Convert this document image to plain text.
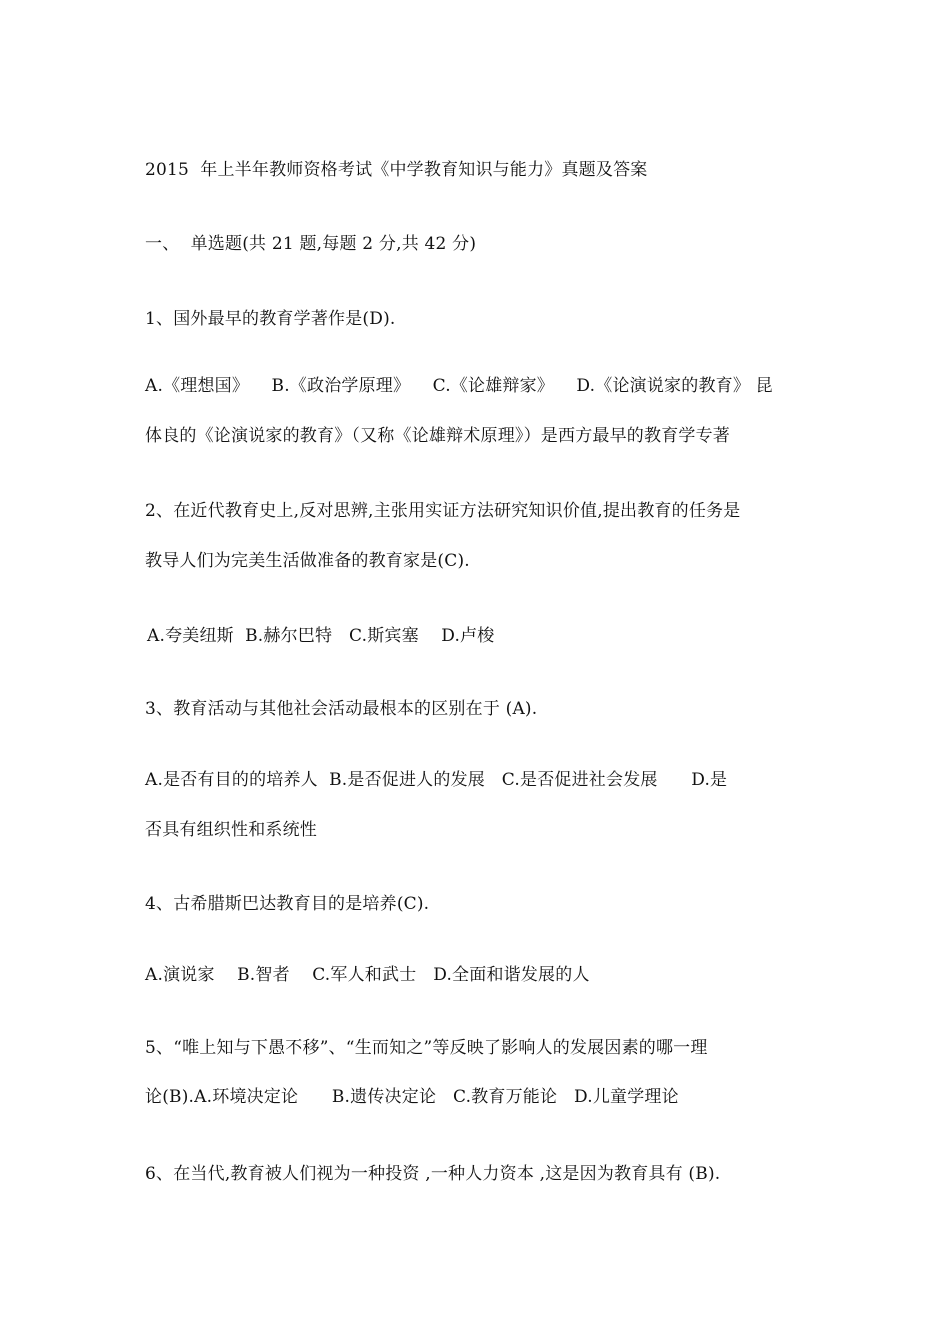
2015  年上半年教师资格考试《中学教育知识与能力》真题及答案
一、  单选题(共 21 题,每题 2 分,共 42 分)
1、国外最早的教育学著作是(D).
A.《理想国》    B.《政治学原理》    C.《论雄辩家》    D.《论演说家的教育》 昆
体良的《论演说家的教育》（又称《论雄辩术原理》）是西方最早的教育学专著
2、在近代教育史上,反对思辨,主张用实证方法研究知识价值,提出教育的任务是
教导人们为完美生活做准备的教育家是(C).
A.夸美纽斯  B.赫尔巴特   C.斯宾塞    D.卢梭
3、教育活动与其他社会活动最根本的区别在于 (A).
A.是否有目的的培养人  B.是否促进人的发展   C.是否促进社会发展      D.是
否具有组织性和系统性
4、古希腊斯巴达教育目的是培养(C).
A.演说家    B.智者    C.军人和武士   D.全面和谐发展的人
5、“唯上知与下愚不移”、“生而知之”等反映了影响人的发展因素的哪一理
论(B).A.环境决定论      B.遗传决定论   C.教育万能论   D.儿童学理论
6、在当代,教育被人们视为一种投资 ,一种人力资本 ,这是因为教育具有 (B).
